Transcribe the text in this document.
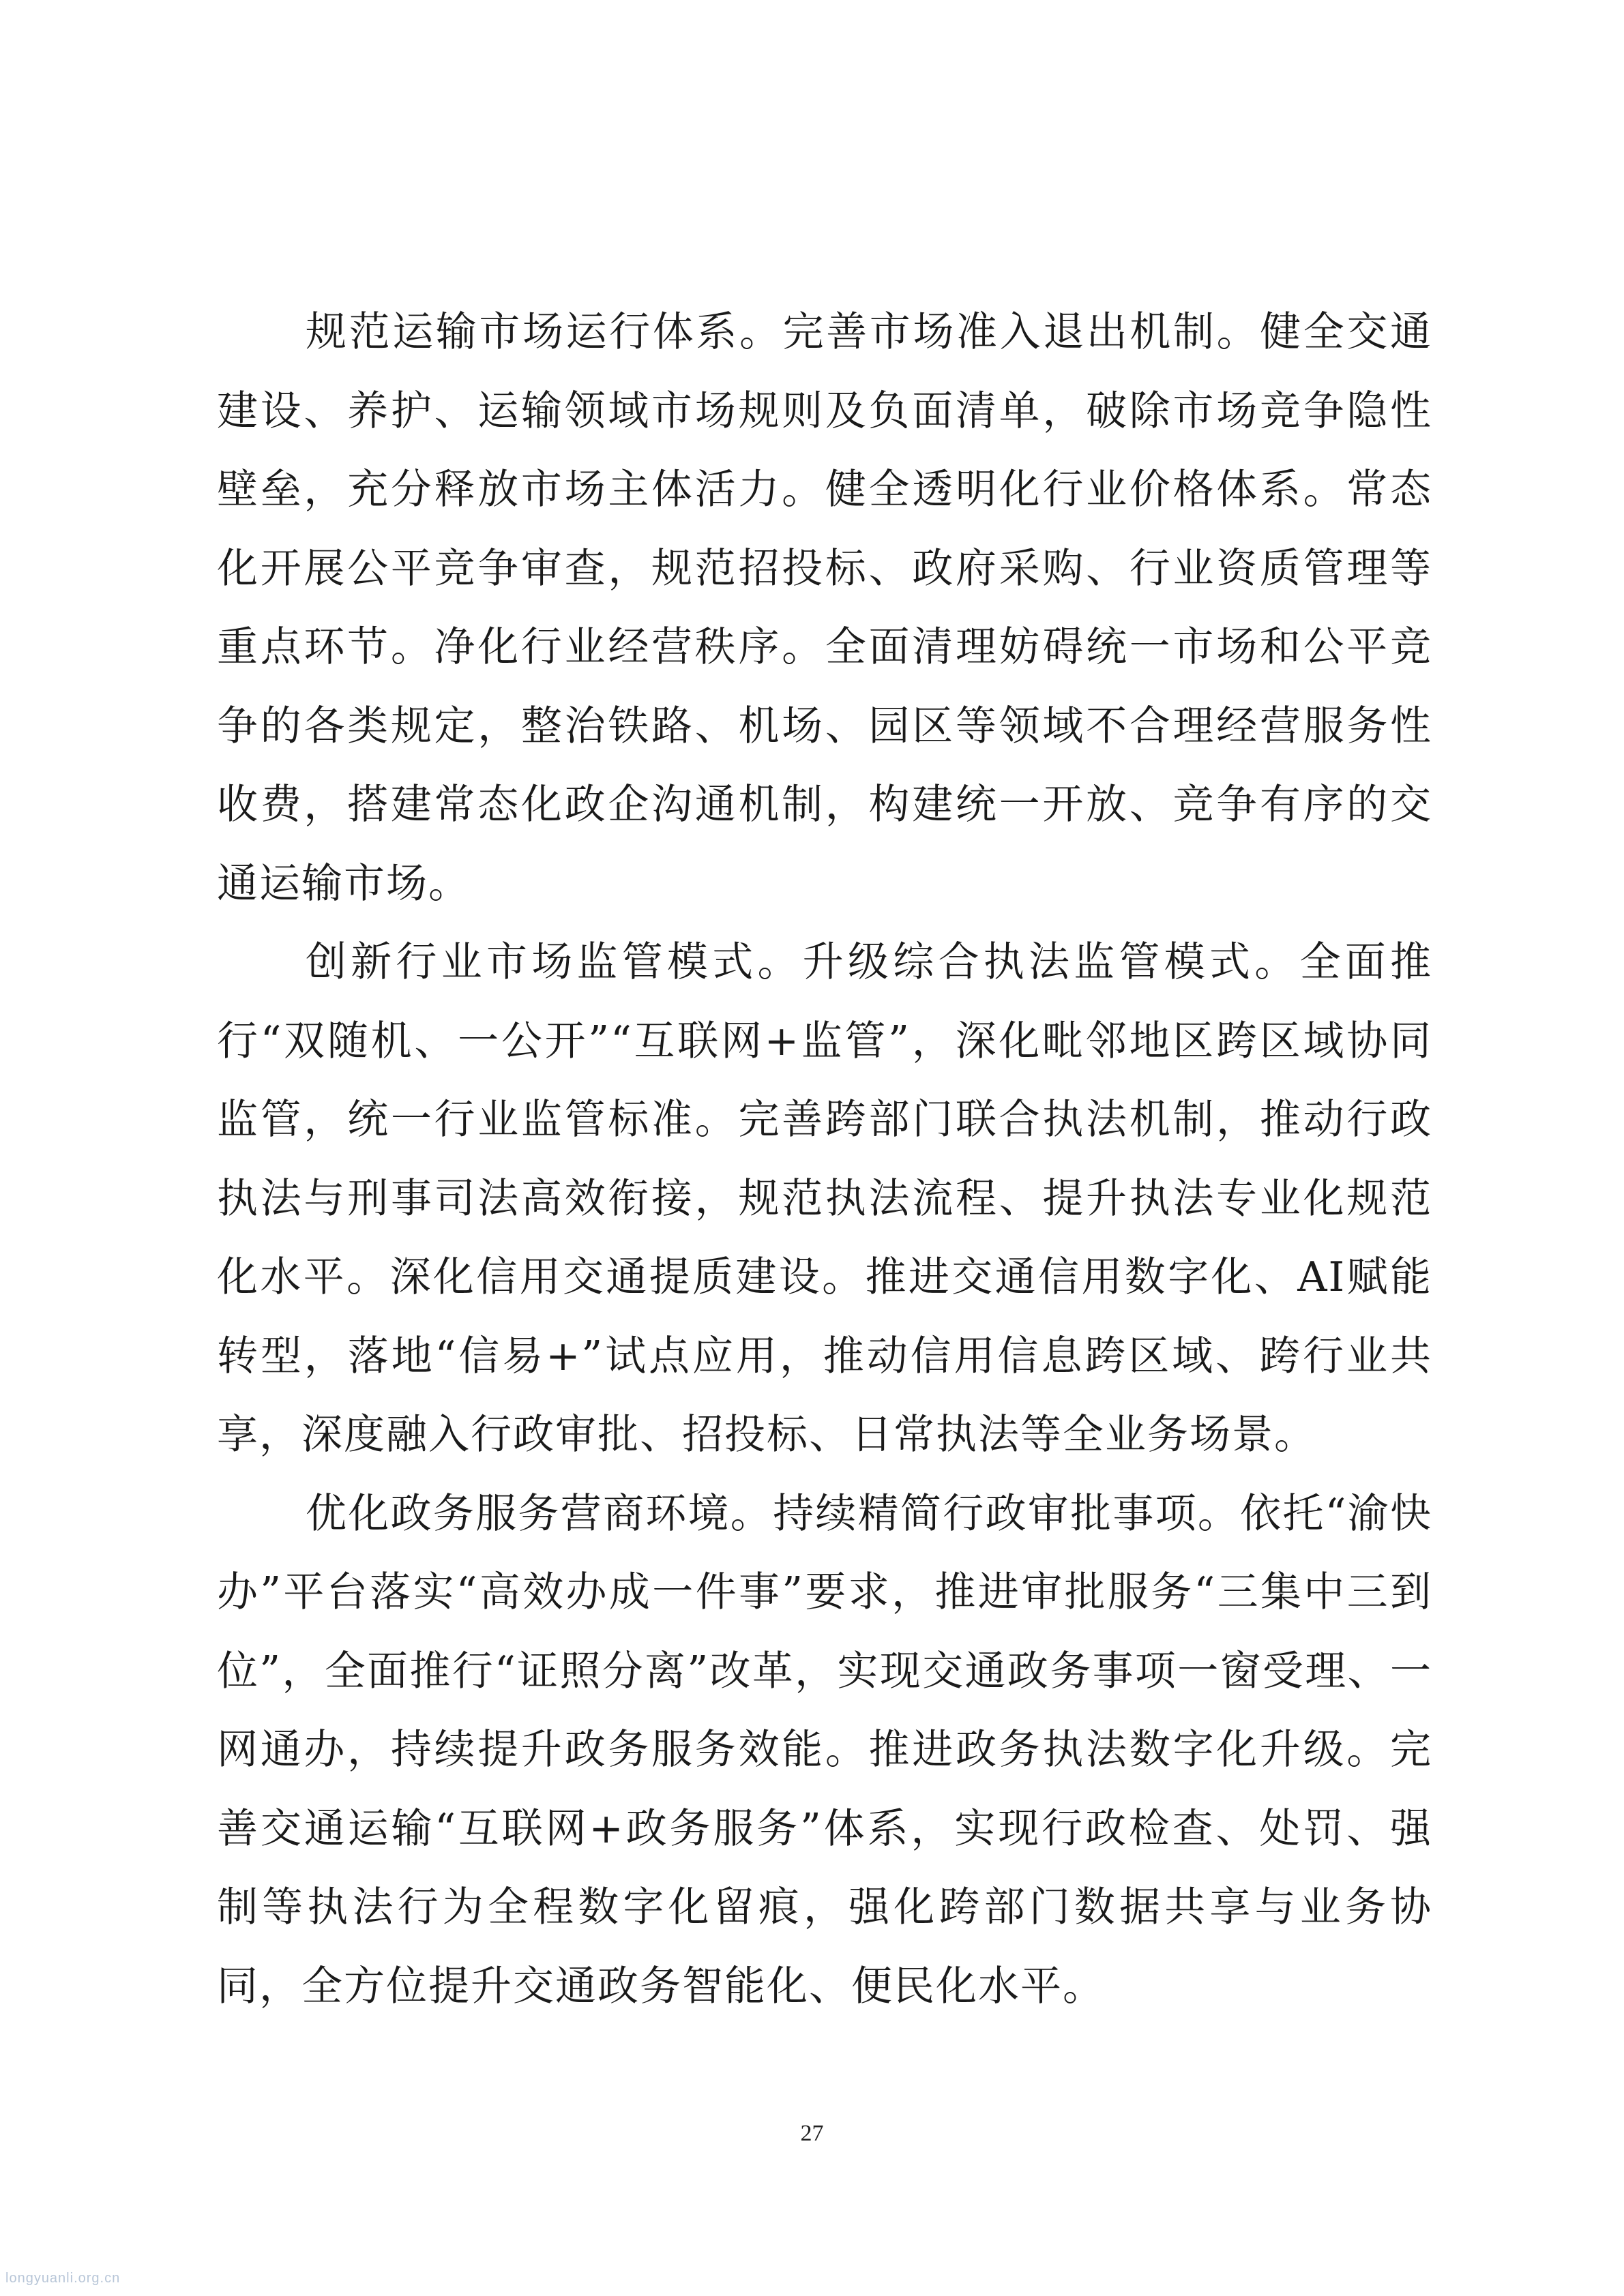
规范运输市场运行体系。完善市场准入退出机制。健全交通建设、养护、运输领域市场规则及负面清单，破除市场竞争隐性壁垒，充分释放市场主体活力。健全透明化行业价格体系。常态化开展公平竞争审查，规范招投标、政府采购、行业资质管理等重点环节。净化行业经营秩序。全面清理妨碍统一市场和公平竞争的各类规定，整治铁路、机场、园区等领域不合理经营服务性收费，搭建常态化政企沟通机制，构建统一开放、竞争有序的交通运输市场。

创新行业市场监管模式。升级综合执法监管模式。全面推行“双随机、一公开”“互联网+监管”，深化毗邻地区跨区域协同监管，统一行业监管标准。完善跨部门联合执法机制，推动行政执法与刑事司法高效衔接，规范执法流程、提升执法专业化规范化水平。深化信用交通提质建设。推进交通信用数字化、AI赋能转型，落地“信易+”试点应用，推动信用信息跨区域、跨行业共享，深度融入行政审批、招投标、日常执法等全业务场景。

优化政务服务营商环境。持续精简行政审批事项。依托“渝快办”平台落实“高效办成一件事”要求，推进审批服务“三集中三到位”，全面推行“证照分离”改革，实现交通政务事项一窗受理、一网通办，持续提升政务服务效能。推进政务执法数字化升级。完善交通运输“互联网+政务服务”体系，实现行政检查、处罚、强制等执法行为全程数字化留痕，强化跨部门数据共享与业务协同，全方位提升交通政务智能化、便民化水平。

27
longyuanli.org.cn
